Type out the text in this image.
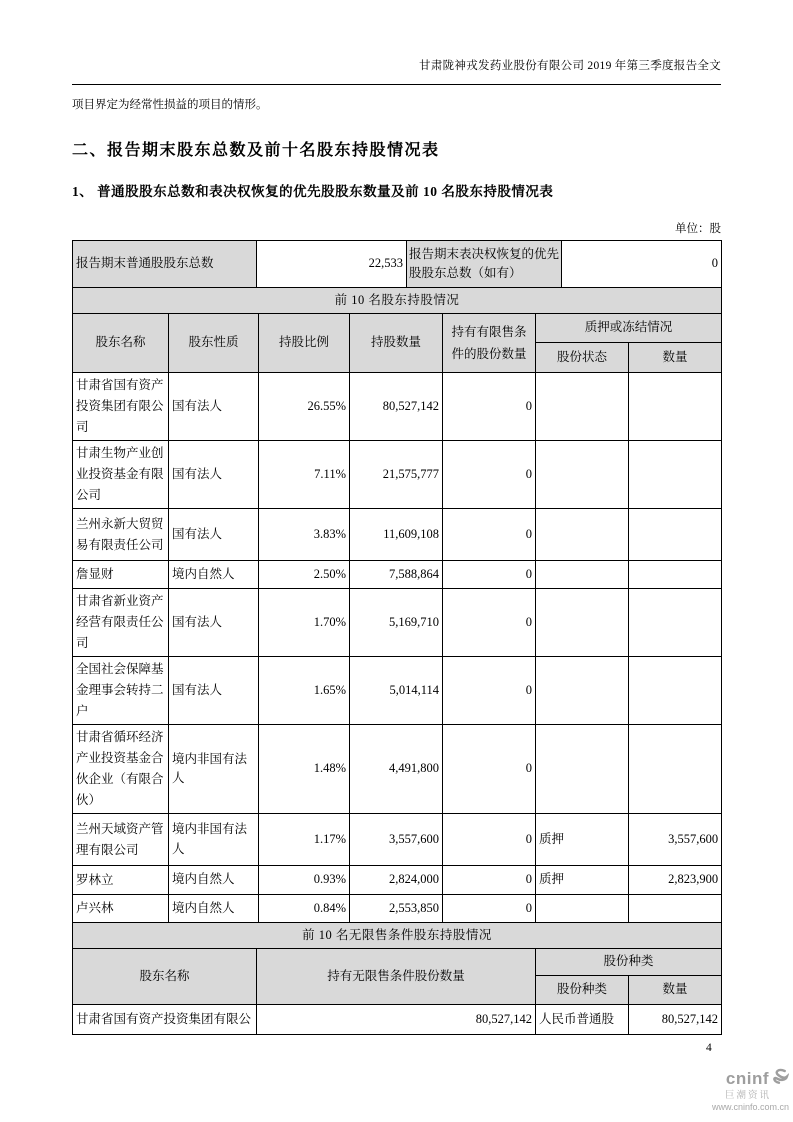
甘肃陇神戎发药业股份有限公司 2019 年第三季度报告全文
项目界定为经常性损益的项目的情形。
二、报告期末股东总数及前十名股东持股情况表
1、 普通股股东总数和表决权恢复的优先股股东数量及前 10 名股东持股情况表
单位：股
报告期末普通股股东总数	22,533	报告期末表决权恢复的优先股股东总数（如有）	0
前 10 名股东持股情况						
股东名称	股东性质	持股比例	持股数量	持有有限售条件的股份数量	质押或冻结情况	
					股份状态	数量
甘肃省国有资产投资集团有限公司	国有法人	26.55%	80,527,142	0		
甘肃生物产业创业投资基金有限公司	国有法人	7.11%	21,575,777	0		
兰州永新大贸贸易有限责任公司	国有法人	3.83%	11,609,108	0		
詹显财	境内自然人	2.50%	7,588,864	0		
甘肃省新业资产经营有限责任公司	国有法人	1.70%	5,169,710	0		
全国社会保障基金理事会转持二户	国有法人	1.65%	5,014,114	0		
甘肃省循环经济产业投资基金合伙企业（有限合伙）	境内非国有法人	1.48%	4,491,800	0		
兰州天域资产管理有限公司	境内非国有法人	1.17%	3,557,600	0	质押	3,557,600
罗林立	境内自然人	0.93%	2,824,000	0	质押	2,823,900
卢兴林	境内自然人	0.84%	2,553,850	0		
前 10 名无限售条件股东持股情况			
股东名称	持有无限售条件股份数量	股份种类	
		股份种类	数量
甘肃省国有资产投资集团有限公	80,527,142	人民币普通股	80,527,142
4
cninf
巨潮资讯
www.cninfo.com.cn
